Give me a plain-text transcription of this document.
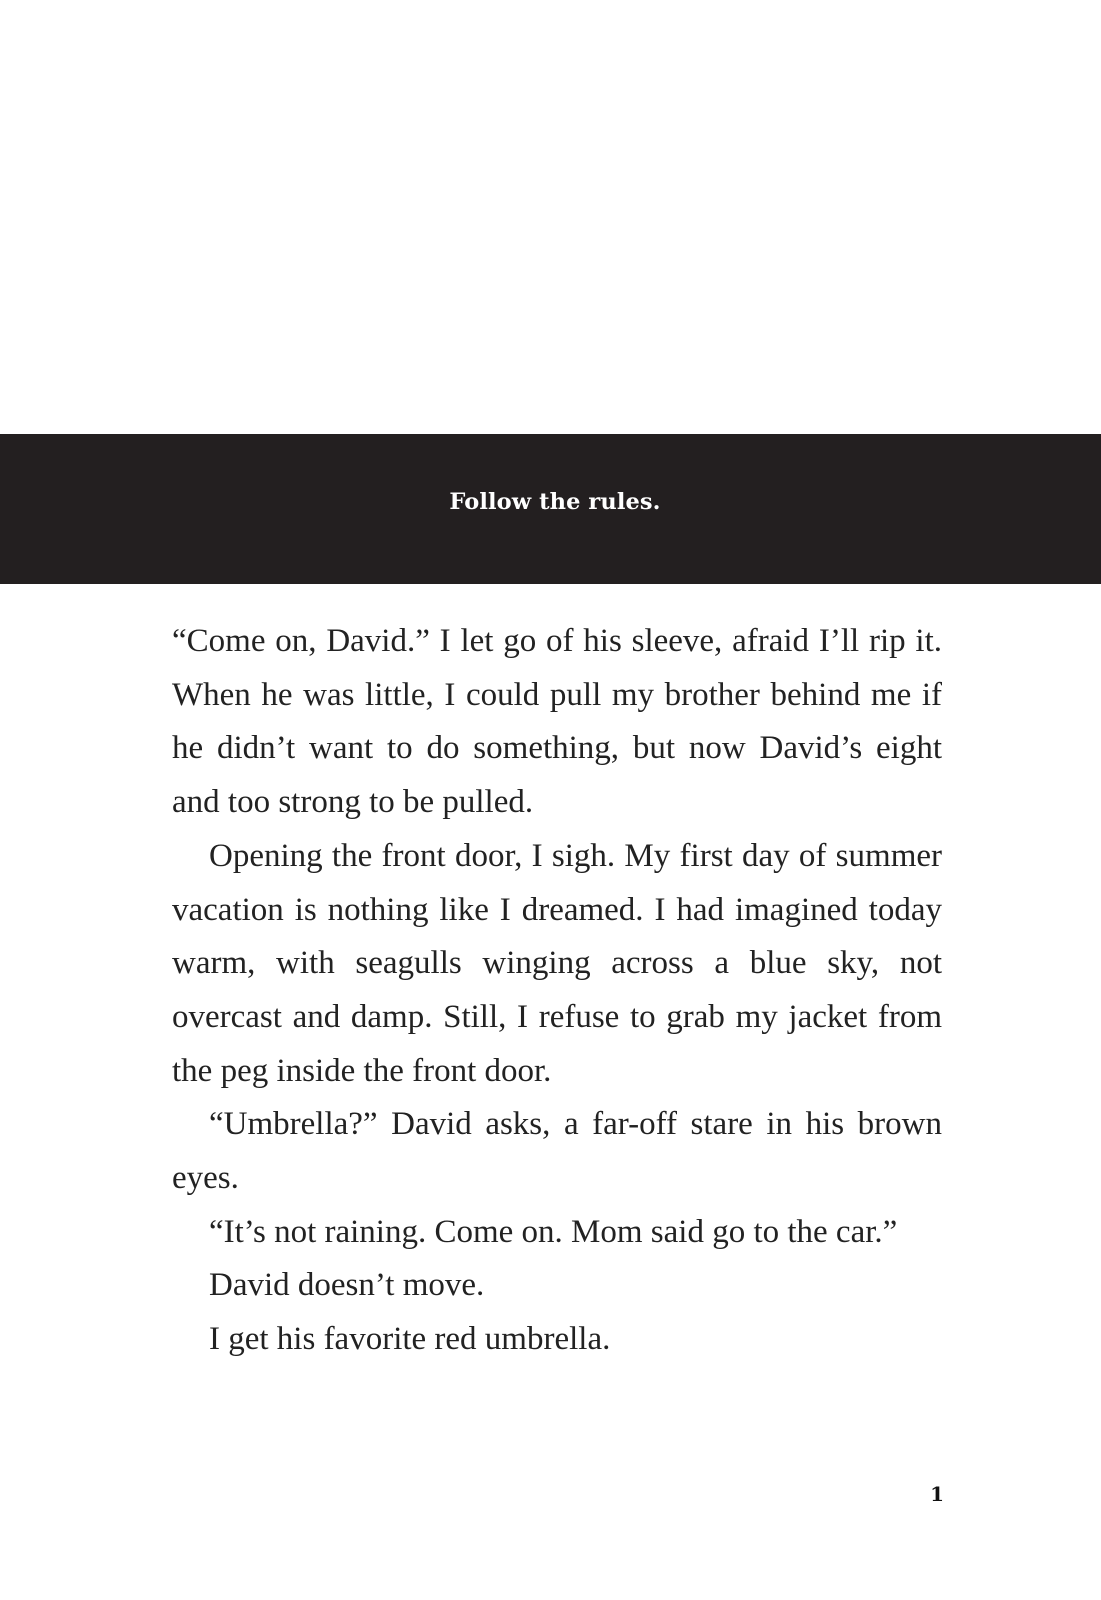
Follow the rules.

“Come on, David.” I let go of his sleeve, afraid I’ll rip it. When he was little, I could pull my brother behind me if he didn’t want to do something, but now David’s eight and too strong to be pulled.

Opening the front door, I sigh. My first day of summer vacation is nothing like I dreamed. I had imagined today warm, with seagulls winging across a blue sky, not overcast and damp. Still, I refuse to grab my jacket from the peg inside the front door.

“Umbrella?” David asks, a far-off stare in his brown eyes.

“It’s not raining. Come on. Mom said go to the car.”

David doesn’t move.

I get his favorite red umbrella.

1
